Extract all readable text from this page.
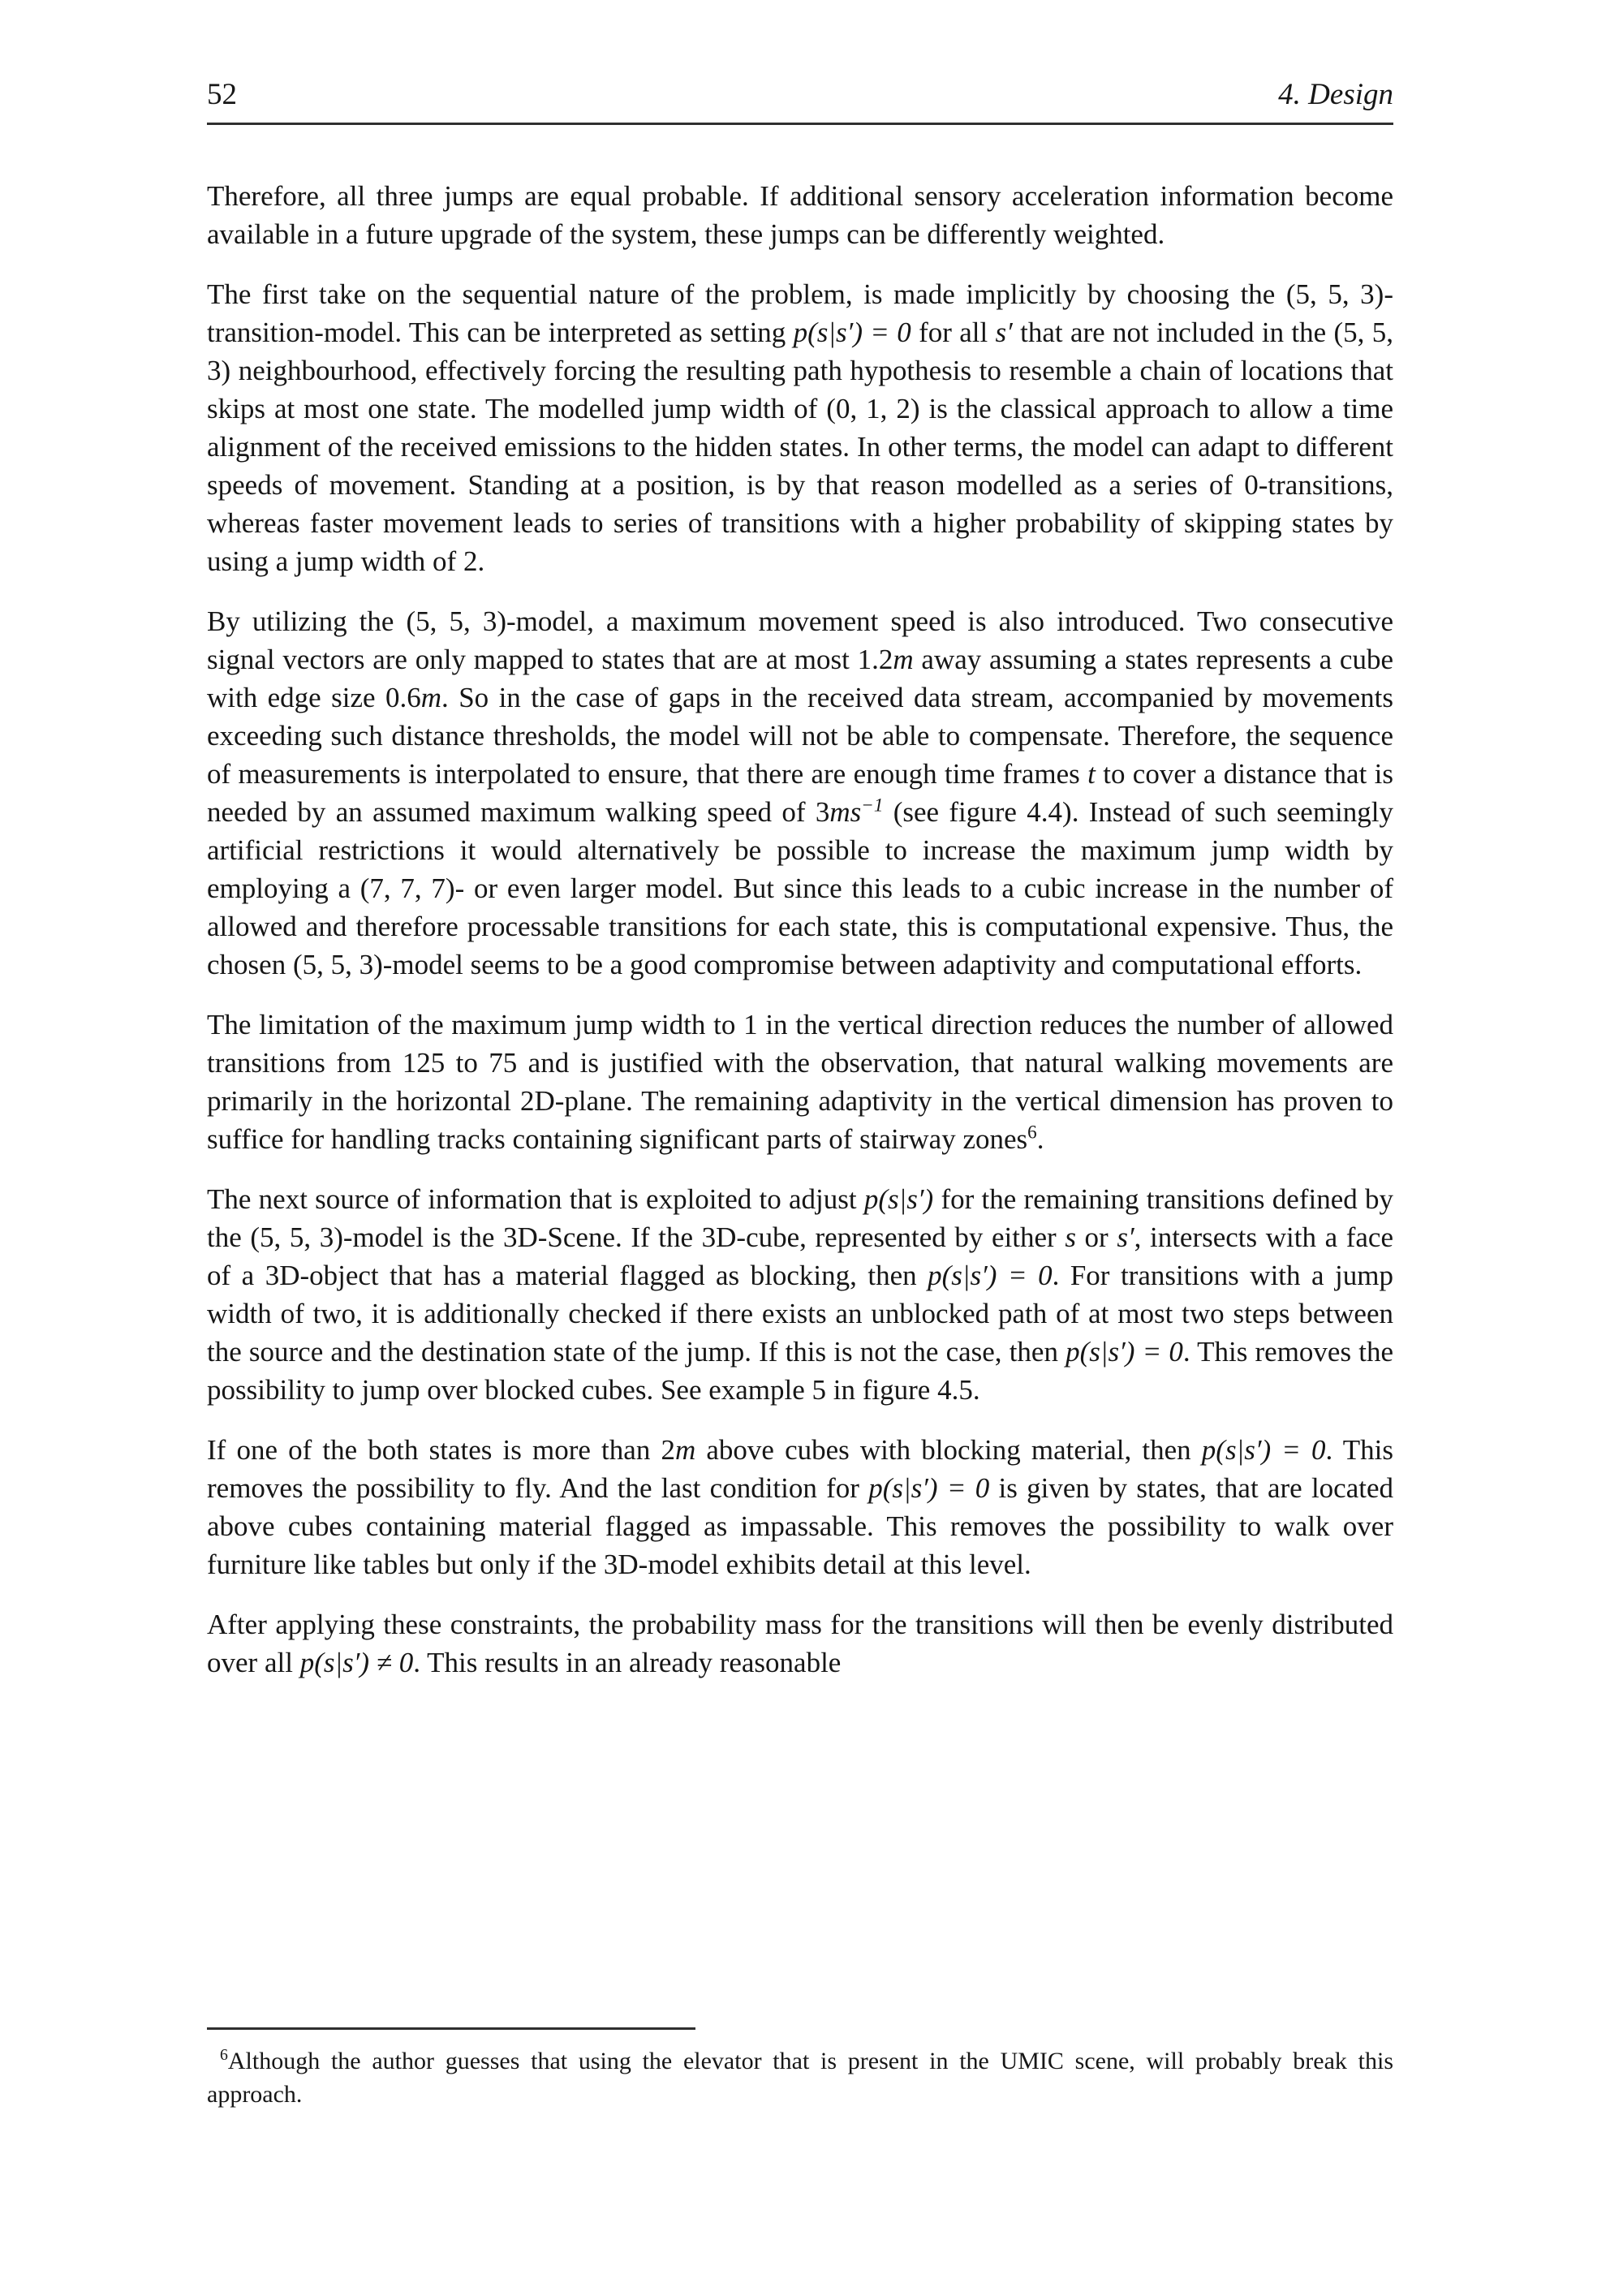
52	4. Design

Therefore, all three jumps are equal probable. If additional sensory acceleration information become available in a future upgrade of the system, these jumps can be differently weighted.

The first take on the sequential nature of the problem, is made implicitly by choosing the (5, 5, 3)-transition-model. This can be interpreted as setting p(s|s′) = 0 for all s′ that are not included in the (5, 5, 3) neighbourhood, effectively forcing the resulting path hypothesis to resemble a chain of locations that skips at most one state. The modelled jump width of (0, 1, 2) is the classical approach to allow a time alignment of the received emissions to the hidden states. In other terms, the model can adapt to different speeds of movement. Standing at a position, is by that reason modelled as a series of 0-transitions, whereas faster movement leads to series of transitions with a higher probability of skipping states by using a jump width of 2.

By utilizing the (5, 5, 3)-model, a maximum movement speed is also introduced. Two consecutive signal vectors are only mapped to states that are at most 1.2m away assuming a states represents a cube with edge size 0.6m. So in the case of gaps in the received data stream, accompanied by movements exceeding such distance thresholds, the model will not be able to compensate. Therefore, the sequence of measurements is interpolated to ensure, that there are enough time frames t to cover a distance that is needed by an assumed maximum walking speed of $3ms^{-1}$ (see figure 4.4). Instead of such seemingly artificial restrictions it would alternatively be possible to increase the maximum jump width by employing a (7, 7, 7)- or even larger model. But since this leads to a cubic increase in the number of allowed and therefore processable transitions for each state, this is computational expensive. Thus, the chosen (5, 5, 3)-model seems to be a good compromise between adaptivity and computational efforts.

The limitation of the maximum jump width to 1 in the vertical direction reduces the number of allowed transitions from 125 to 75 and is justified with the observation, that natural walking movements are primarily in the horizontal 2D-plane. The remaining adaptivity in the vertical dimension has proven to suffice for handling tracks containing significant parts of stairway zones$^6$.

The next source of information that is exploited to adjust p(s|s′) for the remaining transitions defined by the (5, 5, 3)-model is the 3D-Scene. If the 3D-cube, represented by either s or s′, intersects with a face of a 3D-object that has a material flagged as blocking, then p(s|s′) = 0. For transitions with a jump width of two, it is additionally checked if there exists an unblocked path of at most two steps between the source and the destination state of the jump. If this is not the case, then p(s|s′) = 0. This removes the possibility to jump over blocked cubes. See example 5 in figure 4.5.

If one of the both states is more than 2m above cubes with blocking material, then p(s|s′) = 0. This removes the possibility to fly. And the last condition for p(s|s′) = 0 is given by states, that are located above cubes containing material flagged as impassable. This removes the possibility to walk over furniture like tables but only if the 3D-model exhibits detail at this level.

After applying these constraints, the probability mass for the transitions will then be evenly distributed over all p(s|s′) ≠ 0. This results in an already reasonable

$^6$Although the author guesses that using the elevator that is present in the UMIC scene, will probably break this approach.
